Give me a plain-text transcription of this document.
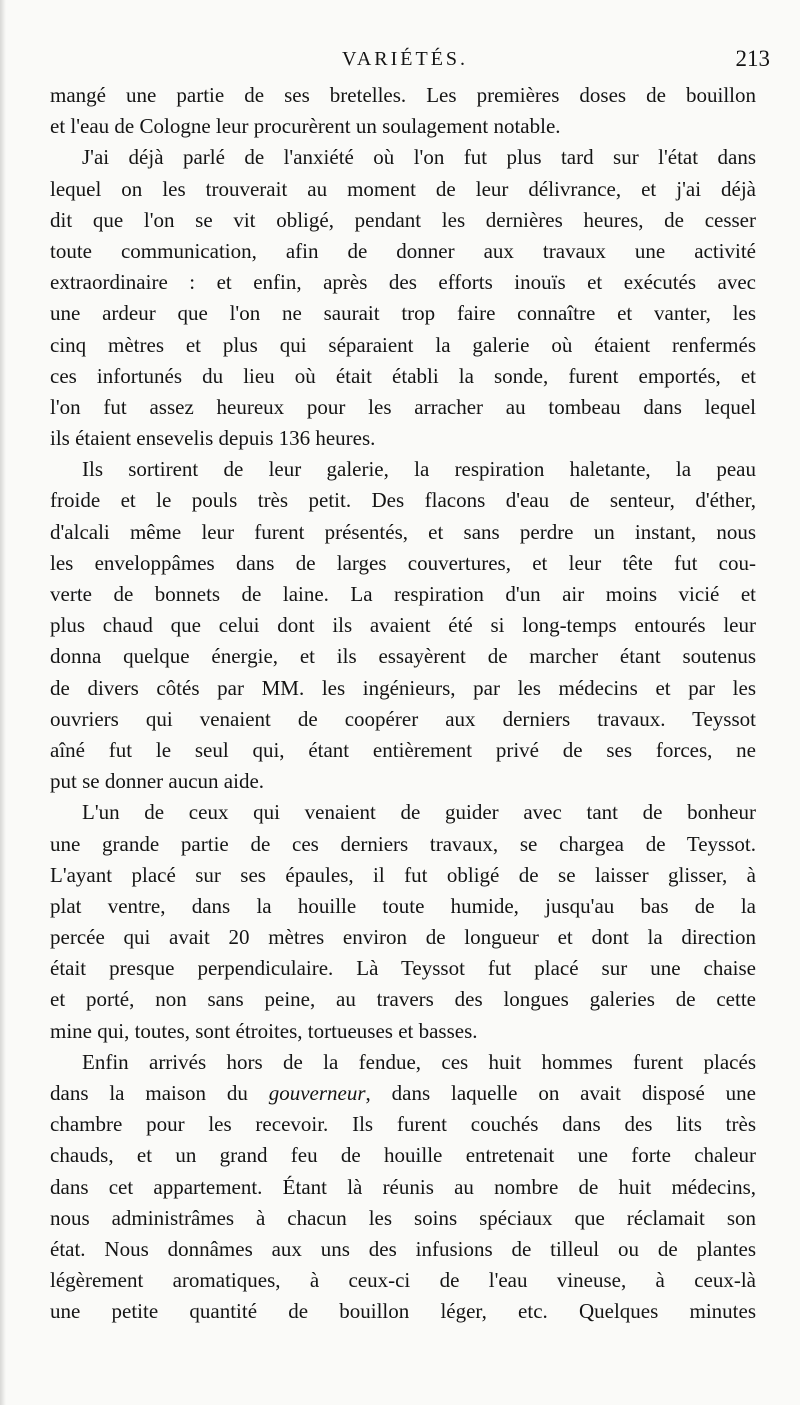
VARIÉTÉS.	213
mangé une partie de ses bretelles. Les premières doses de bouillon
et l'eau de Cologne leur procurèrent un soulagement notable.
J'ai déjà parlé de l'anxiété où l'on fut plus tard sur l'état dans
lequel on les trouverait au moment de leur délivrance, et j'ai déjà
dit que l'on se vit obligé, pendant les dernières heures, de cesser
toute communication, afin de donner aux travaux une activité
extraordinaire : et enfin, après des efforts inouïs et exécutés avec
une ardeur que l'on ne saurait trop faire connaître et vanter, les
cinq mètres et plus qui séparaient la galerie où étaient renfermés
ces infortunés du lieu où était établi la sonde, furent emportés, et
l'on fut assez heureux pour les arracher au tombeau dans lequel
ils étaient ensevelis depuis 136 heures.
Ils sortirent de leur galerie, la respiration haletante, la peau
froide et le pouls très petit. Des flacons d'eau de senteur, d'éther,
d'alcali même leur furent présentés, et sans perdre un instant, nous
les enveloppâmes dans de larges couvertures, et leur tête fut cou-
verte de bonnets de laine. La respiration d'un air moins vicié et
plus chaud que celui dont ils avaient été si long-temps entourés leur
donna quelque énergie, et ils essayèrent de marcher étant soutenus
de divers côtés par MM. les ingénieurs, par les médecins et par les
ouvriers qui venaient de coopérer aux derniers travaux. Teyssot
aîné fut le seul qui, étant entièrement privé de ses forces, ne
put se donner aucun aide.
L'un de ceux qui venaient de guider avec tant de bonheur
une grande partie de ces derniers travaux, se chargea de Teyssot.
L'ayant placé sur ses épaules, il fut obligé de se laisser glisser, à
plat ventre, dans la houille toute humide, jusqu'au bas de la
percée qui avait 20 mètres environ de longueur et dont la direction
était presque perpendiculaire. Là Teyssot fut placé sur une chaise
et porté, non sans peine, au travers des longues galeries de cette
mine qui, toutes, sont étroites, tortueuses et basses.
Enfin arrivés hors de la fendue, ces huit hommes furent placés
dans la maison du gouverneur, dans laquelle on avait disposé une
chambre pour les recevoir. Ils furent couchés dans des lits très
chauds, et un grand feu de houille entretenait une forte chaleur
dans cet appartement. Étant là réunis au nombre de huit médecins,
nous administrâmes à chacun les soins spéciaux que réclamait son
état. Nous donnâmes aux uns des infusions de tilleul ou de plantes
légèrement aromatiques, à ceux-ci de l'eau vineuse, à ceux-là
une petite quantité de bouillon léger, etc. Quelques minutes
